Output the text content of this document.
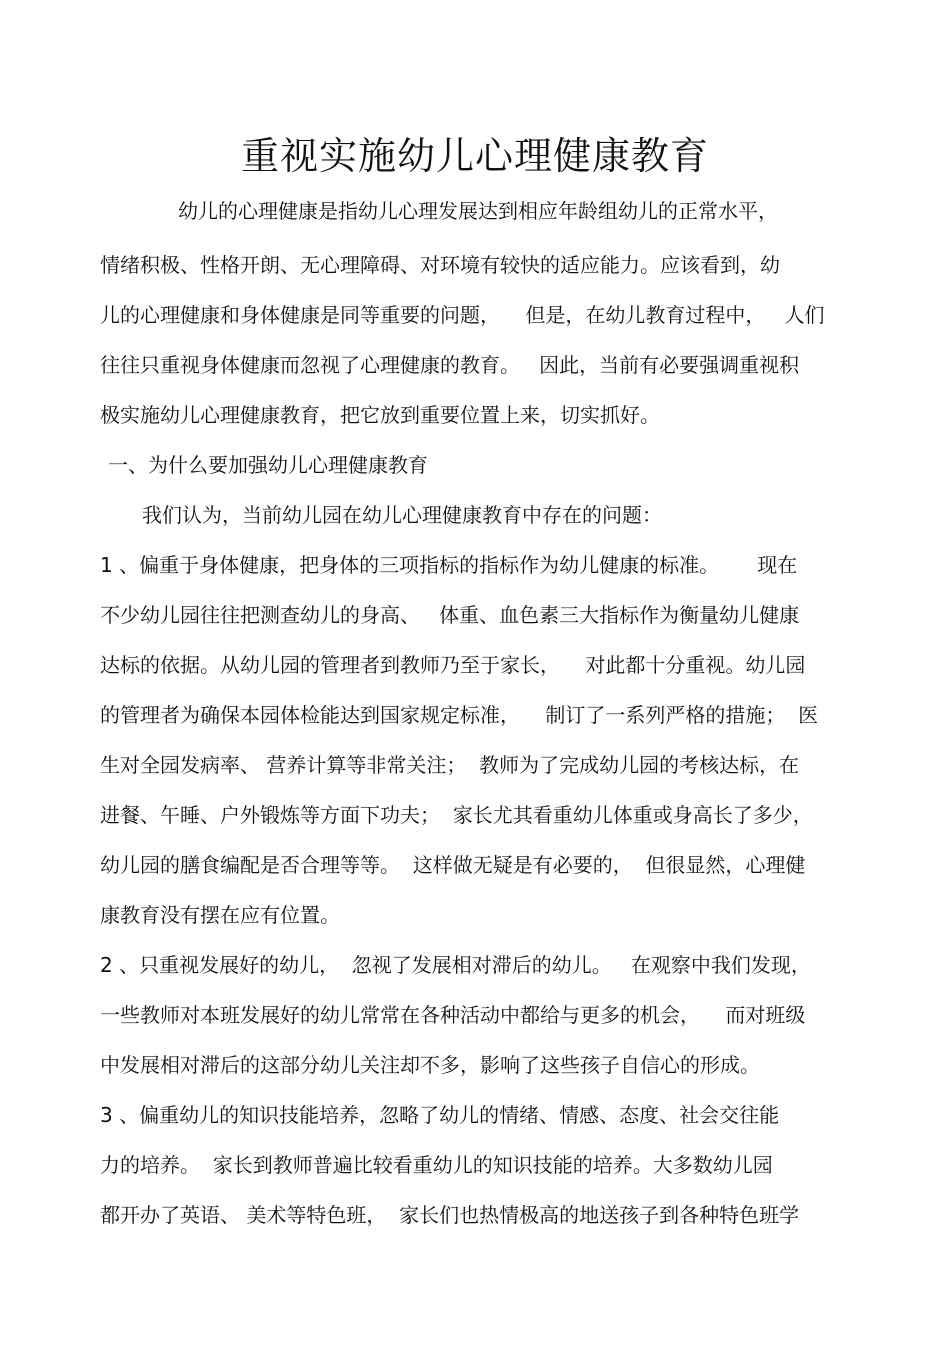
重视实施幼儿心理健康教育

幼儿的心理健康是指幼儿心理发展达到相应年龄组幼儿的正常水平，

情绪积极、性格开朗、无心理障碍、对环境有较快的适应能力。应该看到，幼

儿的心理健康和身体健康是同等重要的问题，    但是，在幼儿教育过程中，   人们

往往只重视身体健康而忽视了心理健康的教育。   因此，当前有必要强调重视积

极实施幼儿心理健康教育，把它放到重要位置上来，切实抓好。

一、为什么要加强幼儿心理健康教育

我们认为，当前幼儿园在幼儿心理健康教育中存在的问题：

1 、偏重于身体健康，把身体的三项指标的指标作为幼儿健康的标准。      现在

不少幼儿园往往把测查幼儿的身高、   体重、血色素三大指标作为衡量幼儿健康

达标的依据。从幼儿园的管理者到教师乃至于家长，    对此都十分重视。幼儿园

的管理者为确保本园体检能达到国家规定标准，    制订了一系列严格的措施；  医

生对全园发病率、 营养计算等非常关注；  教师为了完成幼儿园的考核达标，在

进餐、午睡、户外锻炼等方面下功夫；  家长尤其看重幼儿体重或身高长了多少，

幼儿园的膳食编配是否合理等等。  这样做无疑是有必要的，  但很显然，心理健

康教育没有摆在应有位置。

2 、只重视发展好的幼儿，  忽视了发展相对滞后的幼儿。   在观察中我们发现，

一些教师对本班发展好的幼儿常常在各种活动中都给与更多的机会，    而对班级

中发展相对滞后的这部分幼儿关注却不多，影响了这些孩子自信心的形成。

3 、偏重幼儿的知识技能培养，忽略了幼儿的情绪、情感、态度、社会交往能

力的培养。  家长到教师普遍比较看重幼儿的知识技能的培养。大多数幼儿园

都开办了英语、 美术等特色班，  家长们也热情极高的地送孩子到各种特色班学
